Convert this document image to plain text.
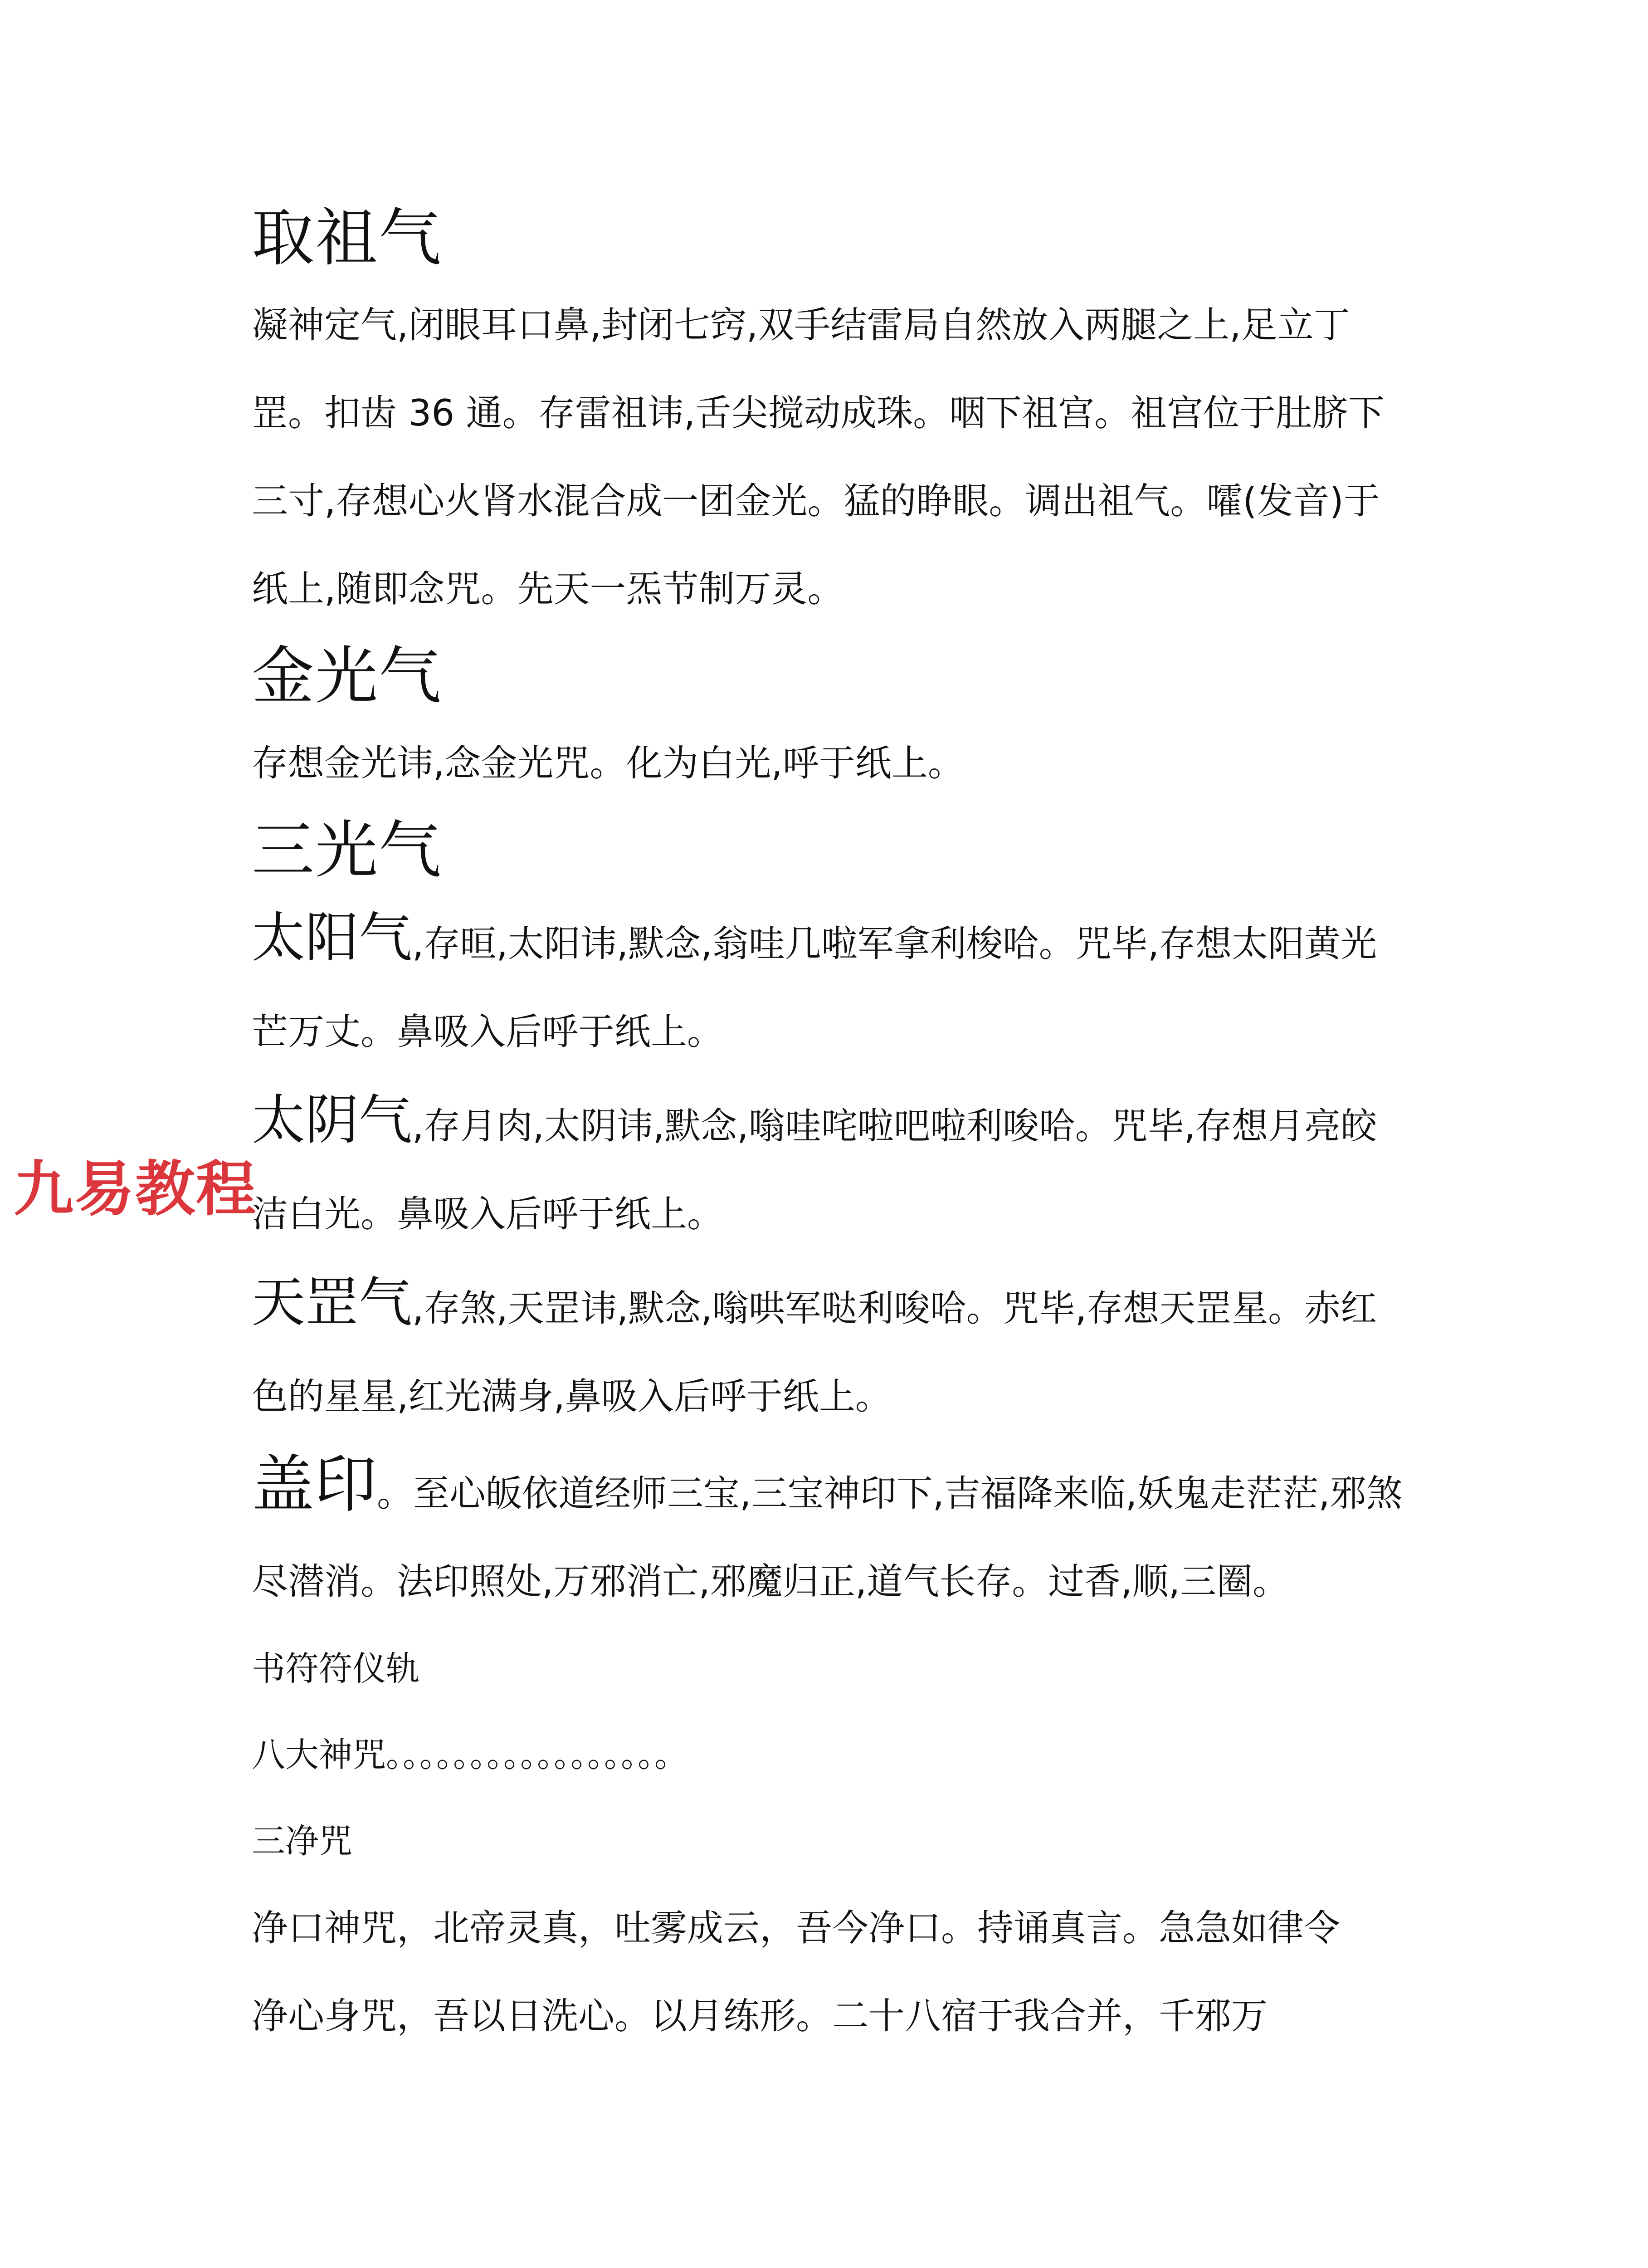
九易教程
取祖气

凝神定气,闭眼耳口鼻,封闭七窍,双手结雷局自然放入两腿之上,足立丁罡。扣齿 36 通。存雷祖讳,舌尖搅动成珠。咽下祖宫。祖宫位于肚脐下三寸,存想心火肾水混合成一团金光。猛的睁眼。调出祖气。嚯(发音)于纸上,随即念咒。先天一炁节制万灵。

金光气

存想金光讳,念金光咒。化为白光,呼于纸上。

三光气

太阳气,存晅,太阳讳,默念,翁哇几啦军拿利梭哈。咒毕,存想太阳黄光芒万丈。鼻吸入后呼于纸上。

太阴气,存月肉,太阴讳,默念,嗡哇咤啦吧啦利唆哈。咒毕,存想月亮皎洁白光。鼻吸入后呼于纸上。

天罡气,存煞,天罡讳,默念,嗡哄军哒利唆哈。咒毕,存想天罡星。赤红色的星星,红光满身,鼻吸入后呼于纸上。

盖印。至心皈依道经师三宝,三宝神印下,吉福降来临,妖鬼走茫茫,邪煞尽潜消。法印照处,万邪消亡,邪魔归正,道气长存。过香,顺,三圈。

书符符仪轨

八大神咒。。。。。。。。。。。。。。。。。

三净咒

净口神咒，北帝灵真，吐雾成云，吾今净口。持诵真言。急急如律令

净心身咒，吾以日洗心。以月练形。二十八宿于我合并，千邪万
